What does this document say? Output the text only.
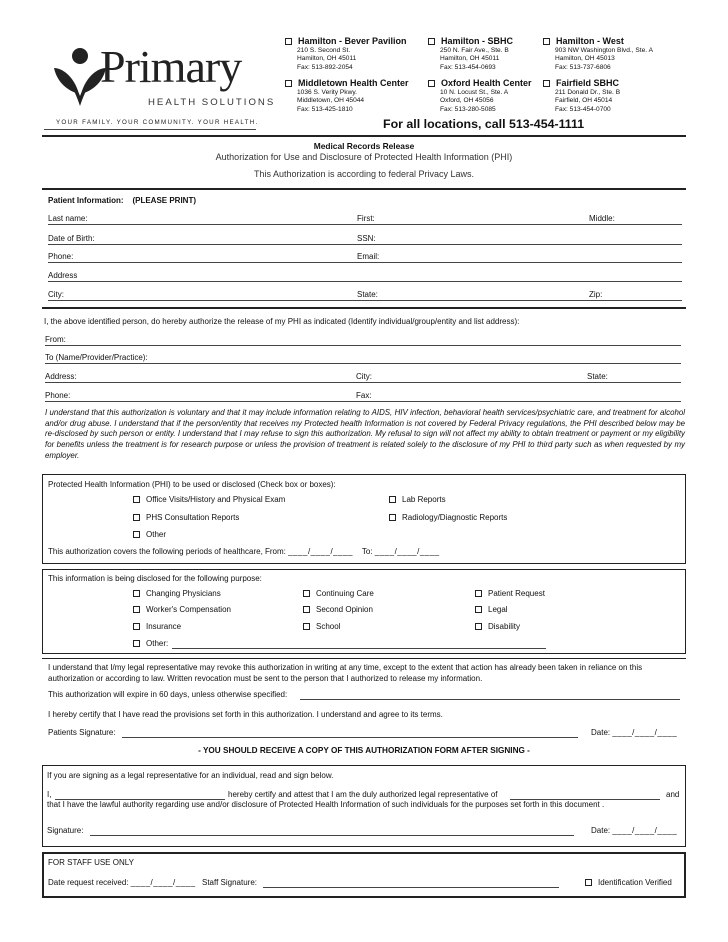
Primary
HEALTH SOLUTIONS
YOUR FAMILY. YOUR COMMUNITY. YOUR HEALTH.
Hamilton - Bever Pavilion
210 S. Second St.
Hamilton, OH 45011
Fax: 513-892-2054
Hamilton - SBHC
250 N. Fair Ave., Ste. B
Hamilton, OH 45011
Fax: 513-454-0693
Hamilton - West
903 NW Washington Blvd., Ste. A
Hamilton, OH 45013
Fax: 513-737-6806
Middletown Health Center
1036 S. Verity Pkwy.
Middletown, OH 45044
Fax: 513-425-1810
Oxford Health Center
10 N. Locust St., Ste. A
Oxford, OH 45056
Fax: 513-280-5085
Fairfield SBHC
211 Donald Dr., Ste. B
Fairfield, OH 45014
Fax: 513-454-0700
For all locations, call 513-454-1111
Medical Records Release
Authorization for Use and Disclosure of Protected Health Information (PHI)
This Authorization is according to federal Privacy Laws.
Patient Information: (PLEASE PRINT)
Last name:	First:	Middle:
Date of Birth:	SSN:
Phone:	Email:
Address
City:	State:	Zip:
I, the above identified person, do hereby authorize the release of my PHI as indicated (Identify individual/group/entity and list address):
From:
To (Name/Provider/Practice):
Address:	City:	State:
Phone:	Fax:
I understand that this authorization is voluntary and that it may include information relating to AIDS, HIV infection, behavioral health services/psychiatric care, and treatment for alcohol and/or drug abuse. I understand that if the person/entity that receives my Protected health Information is not covered by Federal Privacy regulations, the PHI described below may be re-disclosed by such person or entity. I understand that I may refuse to sign this authorization. My refusal to sign will not affect my ability to obtain treatment or payment or my eligibility for benefits unless the treatment is for research purpose or unless the provision of treatment is related solely to the disclosure of my PHI to third party such as when requested by my employer.
Protected Health Information (PHI) to be used or disclosed (Check box or boxes):
Office Visits/History and Physical Exam	Lab Reports
PHS Consultation Reports	Radiology/Diagnostic Reports
Other
This authorization covers the following periods of healthcare, From: ____/____/____ To: ____/____/____
This information is being disclosed for the following purpose:
Changing Physicians	Continuing Care	Patient Request
Worker's Compensation	Second Opinion	Legal
Insurance	School	Disability
Other:
I understand that I/my legal representative may revoke this authorization in writing at any time, except to the extent that action has already been taken in reliance on this authorization or according to law. Written revocation must be sent to the person that I authorized to release my information.
This authorization will expire in 60 days, unless otherwise specified:
I hereby certify that I have read the provisions set forth in this authorization. I understand and agree to its terms.
Patients Signature:	Date: ____/____/____
- YOU SHOULD RECEIVE A COPY OF THIS AUTHORIZATION FORM AFTER SIGNING -
If you are signing as a legal representative for an individual, read and sign below.
I,	hereby certify and attest that I am the duly authorized legal representative of	and
that I have the lawful authority regarding use and/or disclosure of Protected Health Information of such individuals for the purposes set forth in this document .
Signature:	Date: ____/____/____
FOR STAFF USE ONLY
Date request received: ____/____/____ Staff Signature:	Identification Verified
